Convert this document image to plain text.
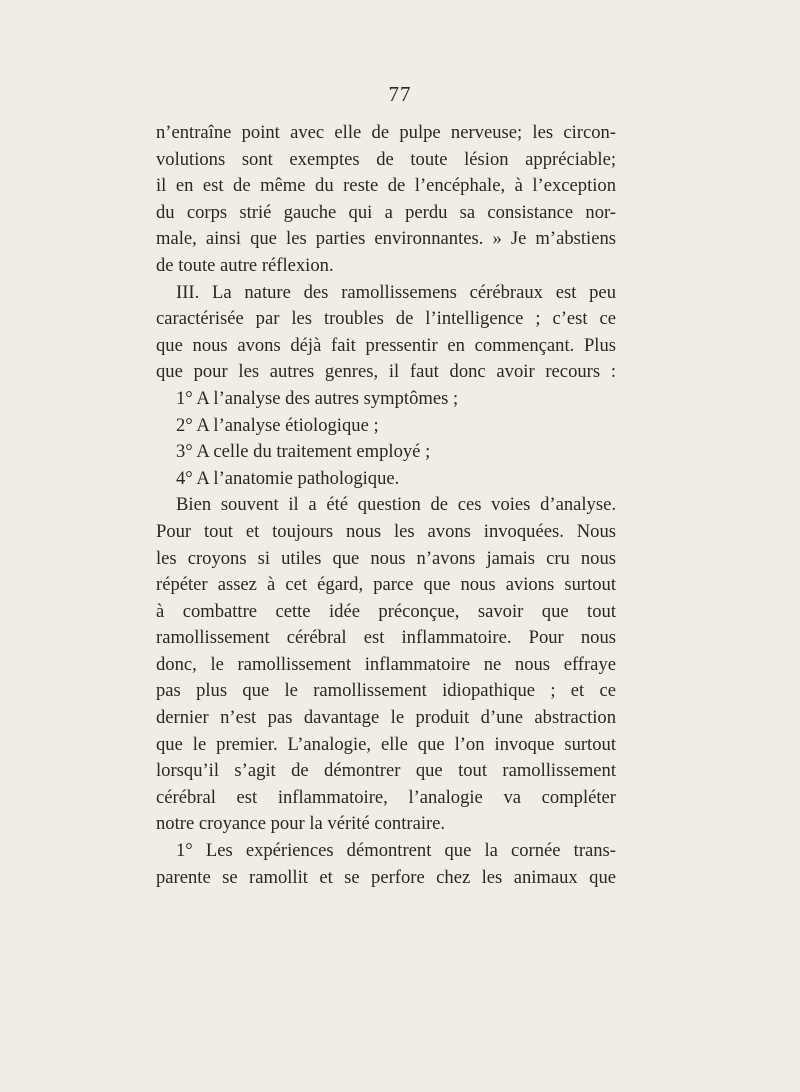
77
n’entraîne point avec elle de pulpe nerveuse; les circon-
volutions sont exemptes de toute lésion appréciable;
il en est de même du reste de l’encéphale, à l’exception
du corps strié gauche qui a perdu sa consistance nor-
male, ainsi que les parties environnantes. » Je m’abstiens
de toute autre réflexion.
III. La nature des ramollissemens cérébraux est peu
caractérisée par les troubles de l’intelligence ; c’est ce
que nous avons déjà fait pressentir en commençant. Plus
que pour les autres genres, il faut donc avoir recours :
1° A l’analyse des autres symptômes ;
2° A l’analyse étiologique ;
3° A celle du traitement employé ;
4° A l’anatomie pathologique.
Bien souvent il a été question de ces voies d’analyse.
Pour tout et toujours nous les avons invoquées. Nous
les croyons si utiles que nous n’avons jamais cru nous
répéter assez à cet égard, parce que nous avions surtout
à combattre cette idée préconçue, savoir que tout
ramollissement cérébral est inflammatoire. Pour nous
donc, le ramollissement inflammatoire ne nous effraye
pas plus que le ramollissement idiopathique ; et ce
dernier n’est pas davantage le produit d’une abstraction
que le premier. L’analogie, elle que l’on invoque surtout
lorsqu’il s’agit de démontrer que tout ramollissement
cérébral est inflammatoire, l’analogie va compléter
notre croyance pour la vérité contraire.
1° Les expériences démontrent que la cornée trans-
parente se ramollit et se perfore chez les animaux que
